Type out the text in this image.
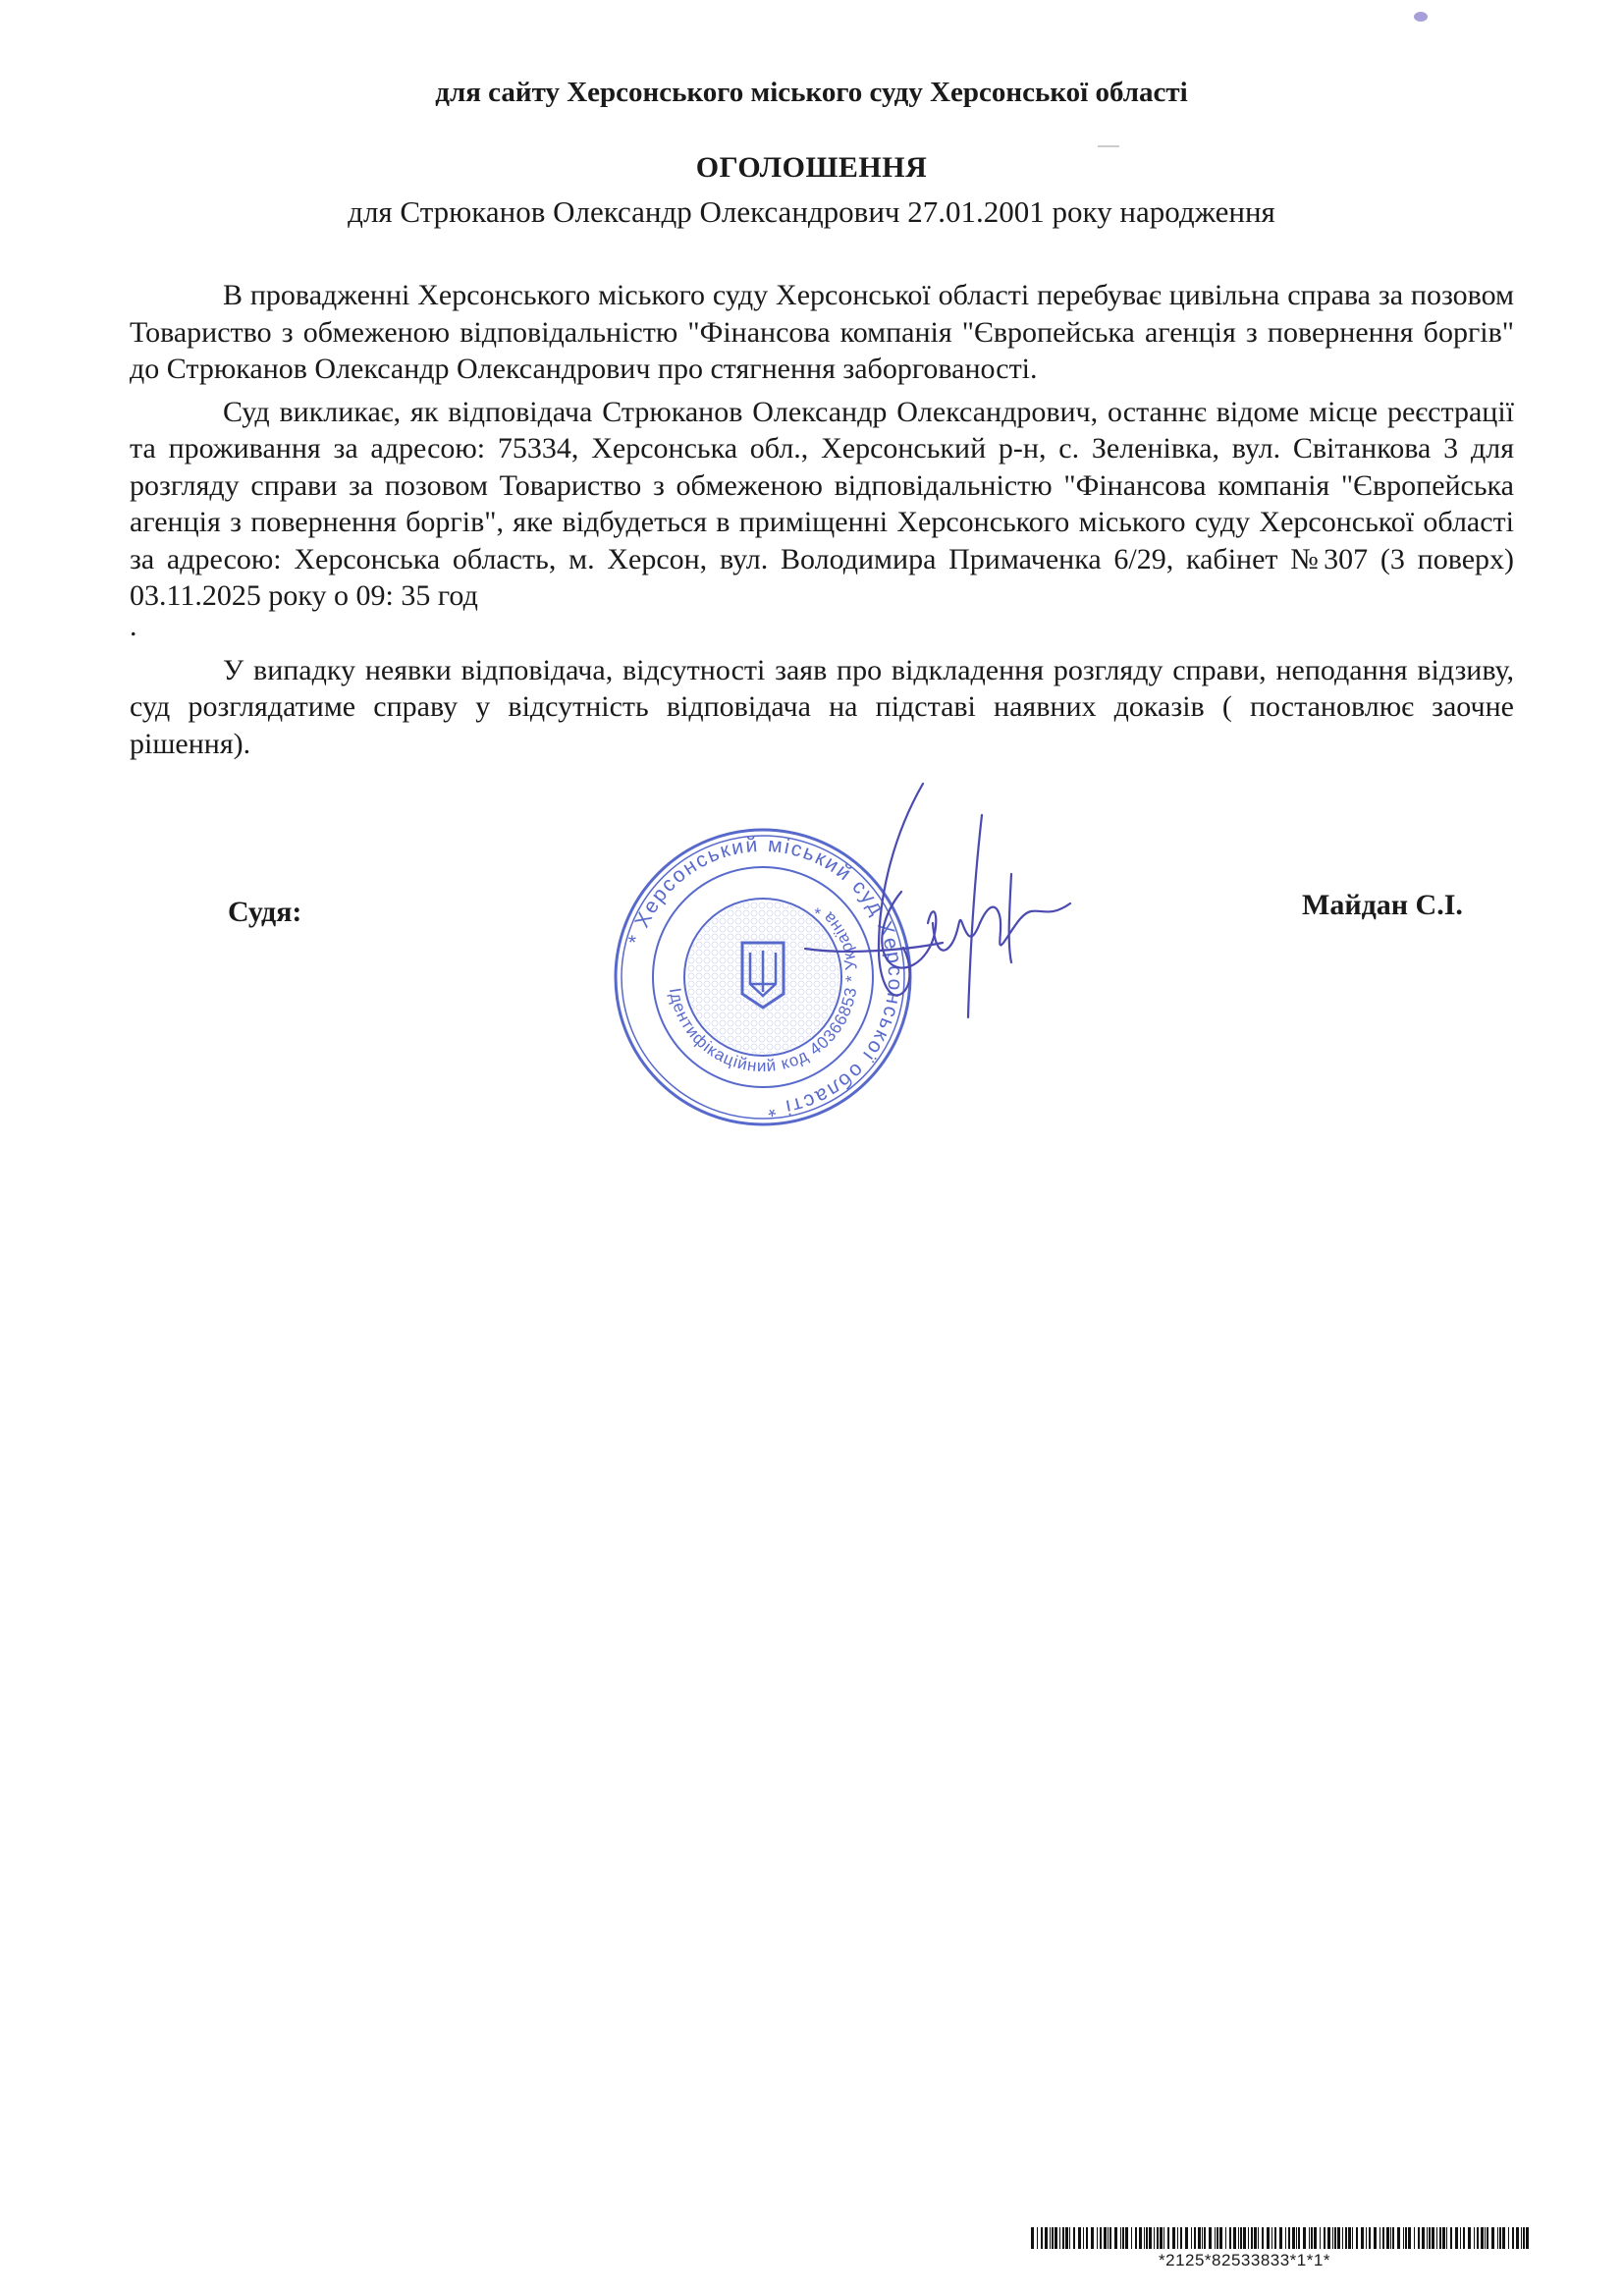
для сайту Херсонського міського суду Херсонської області
ОГОЛОШЕННЯ
для Стрюканов Олександр Олександрович 27.01.2001 року народження

В провадженні Херсонського міського суду Херсонської області перебуває цивільна справа за позовом Товариство з обмеженою відповідальністю "Фінансова компанія "Європейська агенція з повернення боргів" до Стрюканов Олександр Олександрович про стягнення заборгованості.

Суд викликає, як відповідача Стрюканов Олександр Олександрович, останнє відоме місце реєстрації та проживання за адресою: 75334, Херсонська обл., Херсонський р-н, с. Зеленівка, вул. Світанкова 3 для розгляду справи за позовом Товариство з обмеженою відповідальністю "Фінансова компанія "Європейська агенція з повернення боргів", яке відбудеться в приміщенні Херсонського міського суду Херсонської області за адресою: Херсонська область, м. Херсон, вул. Володимира Примаченка 6/29, кабінет №307 (3 поверх) 03.11.2025 року о 09: 35 год

.

У випадку неявки відповідача, відсутності заяв про відкладення розгляду справи, неподання відзиву, суд розглядатиме справу у відсутність відповідача на підставі наявних доказів ( постановлює заочне рішення).

Судя:	Майдан С.І.
* Херсонський міський суд Херсонської області *
Ідентифікаційний код 40366853 * Україна *
*2125*82533833*1*1*
